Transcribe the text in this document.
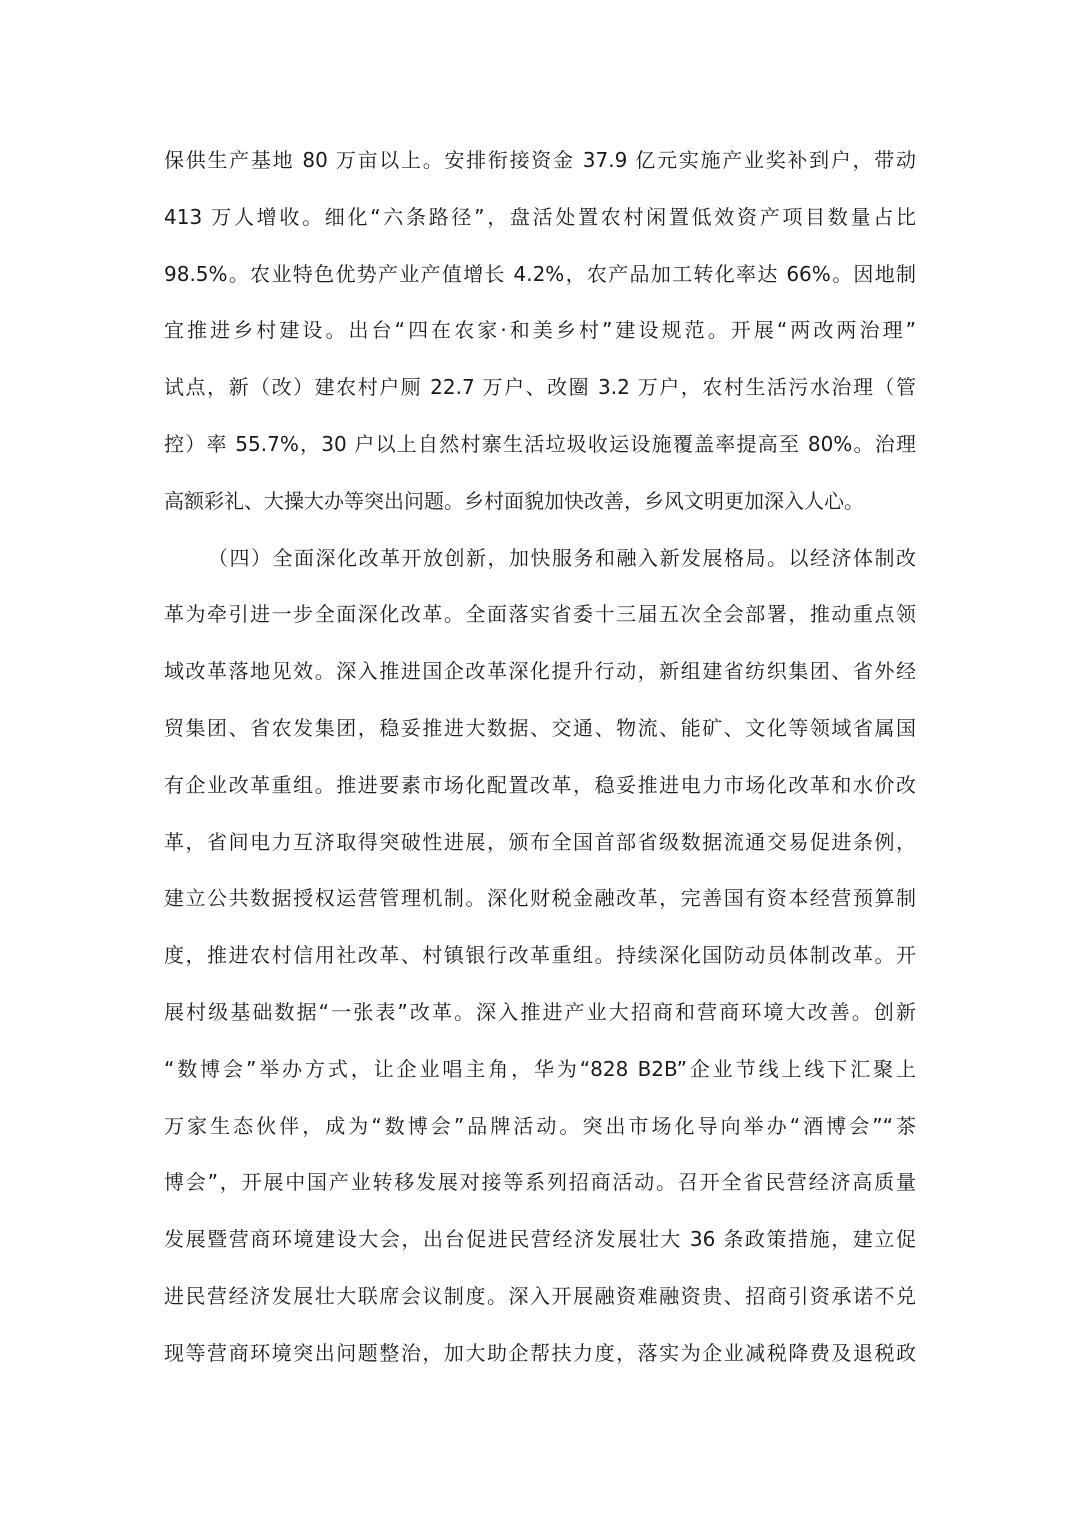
保供生产基地 80 万亩以上。安排衔接资金 37.9 亿元实施产业奖补到户，带动
413 万人增收。细化“六条路径”，盘活处置农村闲置低效资产项目数量占比
98.5%。农业特色优势产业产值增长 4.2%，农产品加工转化率达 66%。因地制
宜推进乡村建设。出台“四在农家·和美乡村”建设规范。开展“两改两治理”
试点，新（改）建农村户厕 22.7 万户、改圈 3.2 万户，农村生活污水治理（管
控）率 55.7%，30 户以上自然村寨生活垃圾收运设施覆盖率提高至 80%。治理
高额彩礼、大操大办等突出问题。乡村面貌加快改善，乡风文明更加深入人心。
（四）全面深化改革开放创新，加快服务和融入新发展格局。以经济体制改
革为牵引进一步全面深化改革。全面落实省委十三届五次全会部署，推动重点领
域改革落地见效。深入推进国企改革深化提升行动，新组建省纺织集团、省外经
贸集团、省农发集团，稳妥推进大数据、交通、物流、能矿、文化等领域省属国
有企业改革重组。推进要素市场化配置改革，稳妥推进电力市场化改革和水价改
革，省间电力互济取得突破性进展，颁布全国首部省级数据流通交易促进条例，
建立公共数据授权运营管理机制。深化财税金融改革，完善国有资本经营预算制
度，推进农村信用社改革、村镇银行改革重组。持续深化国防动员体制改革。开
展村级基础数据“一张表”改革。深入推进产业大招商和营商环境大改善。创新
“数博会”举办方式，让企业唱主角，华为“828 B2B”企业节线上线下汇聚上
万家生态伙伴，成为“数博会”品牌活动。突出市场化导向举办“酒博会”“茶
博会”，开展中国产业转移发展对接等系列招商活动。召开全省民营经济高质量
发展暨营商环境建设大会，出台促进民营经济发展壮大 36 条政策措施，建立促
进民营经济发展壮大联席会议制度。深入开展融资难融资贵、招商引资承诺不兑
现等营商环境突出问题整治，加大助企帮扶力度，落实为企业减税降费及退税政
